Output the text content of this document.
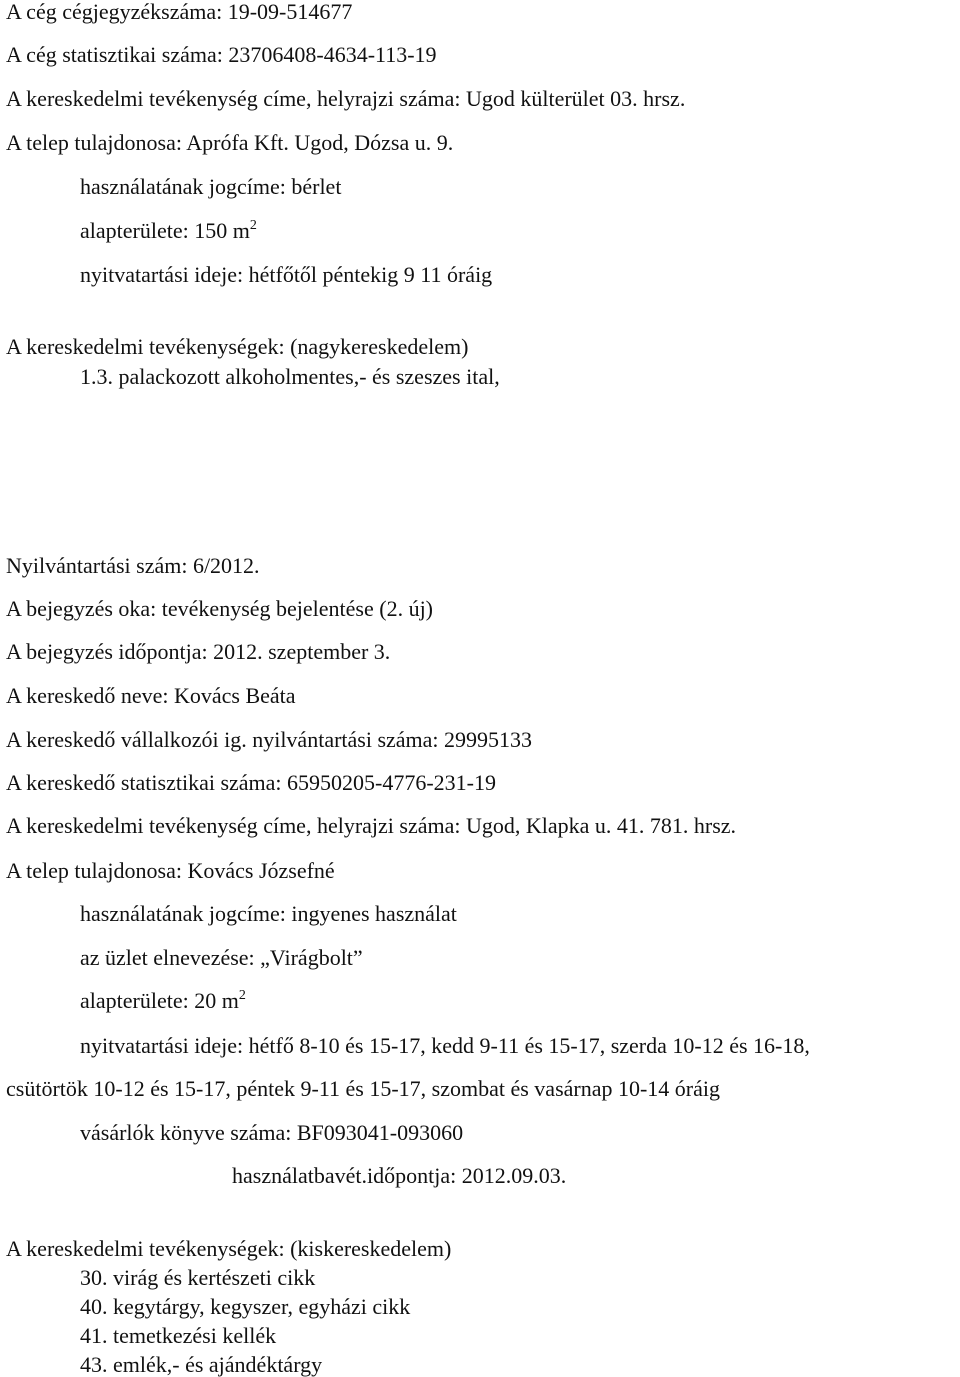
A cég cégjegyzékszáma: 19-09-514677
A cég statisztikai száma: 23706408-4634-113-19
A kereskedelmi tevékenység címe, helyrajzi száma: Ugod külterület 03. hrsz.
A telep tulajdonosa: Aprófa Kft. Ugod, Dózsa u. 9.
használatának jogcíme: bérlet
alapterülete: 150 $m^2$
nyitvatartási ideje: hétfőtől péntekig 9 11 óráig
A kereskedelmi tevékenységek: (nagykereskedelem)
1.3. palackozott alkoholmentes,- és szeszes ital,
Nyilvántartási szám: 6/2012.
A bejegyzés oka: tevékenység bejelentése (2. új)
A bejegyzés időpontja: 2012. szeptember 3.
A kereskedő neve: Kovács Beáta
A kereskedő vállalkozói ig. nyilvántartási száma: 29995133
A kereskedő statisztikai száma: 65950205-4776-231-19
A kereskedelmi tevékenység címe, helyrajzi száma: Ugod, Klapka u. 41. 781. hrsz.
A telep tulajdonosa: Kovács Józsefné
használatának jogcíme: ingyenes használat
az üzlet elnevezése: „Virágbolt”
alapterülete: 20 $m^2$
nyitvatartási ideje: hétfő 8-10 és 15-17, kedd 9-11 és 15-17, szerda 10-12 és 16-18,
csütörtök 10-12 és 15-17, péntek 9-11 és 15-17, szombat és vasárnap 10-14 óráig
vásárlók könyve száma: BF093041-093060
használatbavét.időpontja: 2012.09.03.
A kereskedelmi tevékenységek: (kiskereskedelem)
30. virág és kertészeti cikk
40. kegytárgy, kegyszer, egyházi cikk
41. temetkezési kellék
43. emlék,- és ajándéktárgy
